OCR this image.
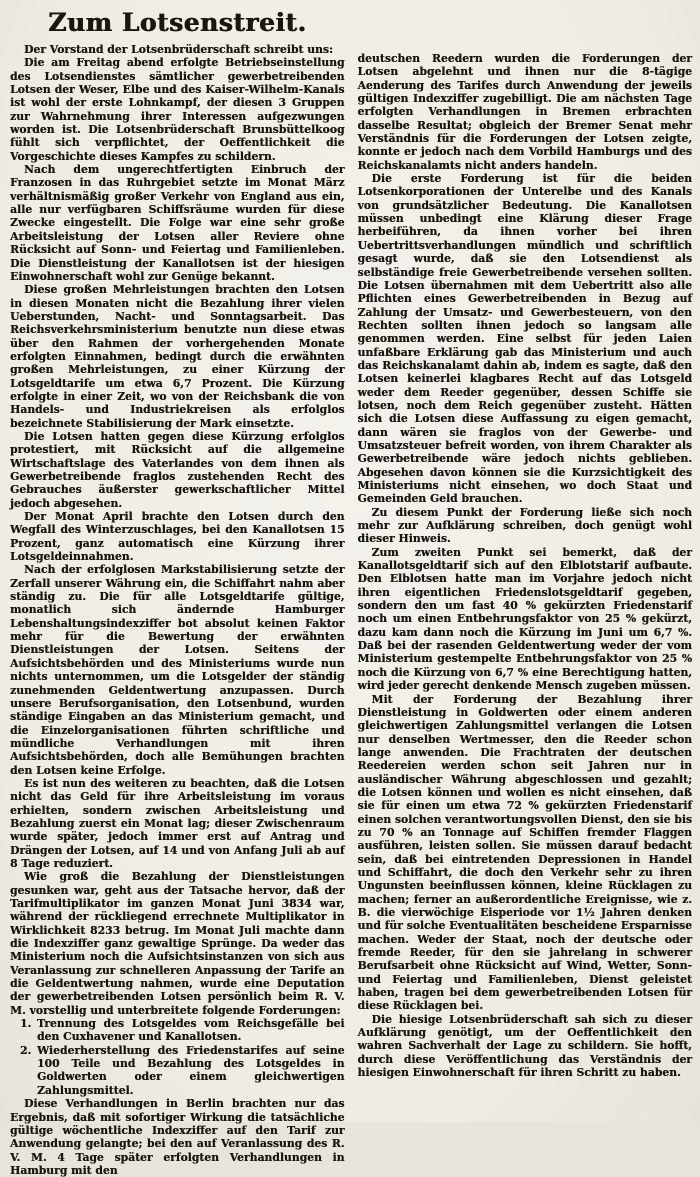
Zum Lotsenstreit.

Der Vorstand der Lotsenbrüderschaft schreibt uns:

Die am Freitag abend erfolgte Betriebseinstellung des Lotsendienstes sämtlicher gewerbetreibenden Lotsen der Weser, Elbe und des Kaiser-Wilhelm-Kanals ist wohl der erste Lohnkampf, der diesen 3 Gruppen zur Wahrnehmung ihrer Interessen aufgezwungen worden ist. Die Lotsenbrüderschaft Brunsbüttelkoog fühlt sich verpflichtet, der Oeffentlichkeit die Vorgeschichte dieses Kampfes zu schildern.

Nach dem ungerechtfertigten Einbruch der Franzosen in das Ruhrgebiet setzte im Monat März verhältnismäßig großer Verkehr von England aus ein, alle nur verfügbaren Schiffsräume wurden für diese Zwecke eingestellt. Die Folge war eine sehr große Arbeitsleistung der Lotsen aller Reviere ohne Rücksicht auf Sonn- und Feiertag und Familienleben. Die Dienstleistung der Kanallotsen ist der hiesigen Einwohnerschaft wohl zur Genüge bekannt.

Diese großen Mehrleistungen brachten den Lotsen in diesen Monaten nicht die Bezahlung ihrer vielen Ueberstunden, Nacht- und Sonntagsarbeit. Das Reichsverkehrsministerium benutzte nun diese etwas über den Rahmen der vorhergehenden Monate erfolgten Einnahmen, bedingt durch die erwähnten großen Mehrleistungen, zu einer Kürzung der Lotsgeldtarife um etwa 6,7 Prozent. Die Kürzung erfolgte in einer Zeit, wo von der Reichsbank die von Handels- und Industriekreisen als erfolglos bezeichnete Stabilisierung der Mark einsetzte.

Die Lotsen hatten gegen diese Kürzung erfolglos protestiert, mit Rücksicht auf die allgemeine Wirtschaftslage des Vaterlandes von dem ihnen als Gewerbetreibende fraglos zustehenden Recht des Gebrauches äußerster gewerkschaftlicher Mittel jedoch abgesehen.

Der Monat April brachte den Lotsen durch den Wegfall des Winterzuschlages, bei den Kanallotsen 15 Prozent, ganz automatisch eine Kürzung ihrer Lotsgeldeinnahmen.

Nach der erfolglosen Markstabilisierung setzte der Zerfall unserer Währung ein, die Schiffahrt nahm aber ständig zu. Die für alle Lotsgeldtarife gültige, monatlich sich ändernde Hamburger Lebenshaltungsindexziffer bot absolut keinen Faktor mehr für die Bewertung der erwähnten Dienstleistungen der Lotsen. Seitens der Aufsichtsbehörden und des Ministeriums wurde nun nichts unternommen, um die Lotsgelder der ständig zunehmenden Geldentwertung anzupassen. Durch unsere Berufsorganisation, den Lotsenbund, wurden ständige Eingaben an das Ministerium gemacht, und die Einzelorganisationen führten schriftliche und mündliche Verhandlungen mit ihren Aufsichtsbehörden, doch alle Bemühungen brachten den Lotsen keine Erfolge.

Es ist nun des weiteren zu beachten, daß die Lotsen nicht das Geld für ihre Arbeitsleistung im voraus erhielten, sondern zwischen Arbeitsleistung und Bezahlung zuerst ein Monat lag; dieser Zwischenraum wurde später, jedoch immer erst auf Antrag und Drängen der Lotsen, auf 14 und von Anfang Juli ab auf 8 Tage reduziert.

Wie groß die Bezahlung der Dienstleistungen gesunken war, geht aus der Tatsache hervor, daß der Tarifmultiplikator im ganzen Monat Juni 3834 war, während der rückliegend errechnete Multiplikator in Wirklichkeit 8233 betrug. Im Monat Juli machte dann die Indexziffer ganz gewaltige Sprünge. Da weder das Ministerium noch die Aufsichtsinstanzen von sich aus Veranlassung zur schnelleren Anpassung der Tarife an die Geldentwertung nahmen, wurde eine Deputation der gewerbetreibenden Lotsen persönlich beim R. V. M. vorstellig und unterbreitete folgende Forderungen:

1. Trennung des Lotsgeldes vom Reichsgefälle bei den Cuxhavener und Kanallotsen.
2. Wiederherstellung des Friedenstarifes auf seine 100 Teile und Bezahlung des Lotsgeldes in Goldwerten oder einem gleichwertigen Zahlungsmittel.

Diese Verhandlungen in Berlin brachten nur das Ergebnis, daß mit sofortiger Wirkung die tatsächliche gültige wöchentliche Indexziffer auf den Tarif zur Anwendung gelangte; bei den auf Veranlassung des R. V. M. 4 Tage später erfolgten Verhandlungen in Hamburg mit den

deutschen Reedern wurden die Forderungen der Lotsen abgelehnt und ihnen nur die 8-tägige Aenderung des Tarifes durch Anwendung der jeweils gültigen Indexziffer zugebilligt. Die am nächsten Tage erfolgten Verhandlungen in Bremen erbrachten dasselbe Resultat; obgleich der Bremer Senat mehr Verständnis für die Forderungen der Lotsen zeigte, konnte er jedoch nach dem Vorbild Hamburgs und des Reichskanalamts nicht anders handeln.

Die erste Forderung ist für die beiden Lotsenkorporationen der Unterelbe und des Kanals von grundsätzlicher Bedeutung. Die Kanallotsen müssen unbedingt eine Klärung dieser Frage herbeiführen, da ihnen vorher bei ihren Uebertrittsverhandlungen mündlich und schriftlich gesagt wurde, daß sie den Lotsendienst als selbständige freie Gewerbetreibende versehen sollten. Die Lotsen übernahmen mit dem Uebertritt also alle Pflichten eines Gewerbetreibenden in Bezug auf Zahlung der Umsatz- und Gewerbesteuern, von den Rechten sollten ihnen jedoch so langsam alle genommen werden. Eine selbst für jeden Laien unfaßbare Erklärung gab das Ministerium und auch das Reichskanalamt dahin ab, indem es sagte, daß den Lotsen keinerlei klagbares Recht auf das Lotsgeld weder dem Reeder gegenüber, dessen Schiffe sie lotsen, noch dem Reich gegenüber zusteht. Hätten sich die Lotsen diese Auffassung zu eigen gemacht, dann wären sie fraglos von der Gewerbe- und Umsatzsteuer befreit worden, von ihrem Charakter als Gewerbetreibende wäre jedoch nichts geblieben. Abgesehen davon können sie die Kurzsichtigkeit des Ministeriums nicht einsehen, wo doch Staat und Gemeinden Geld brauchen.

Zu diesem Punkt der Forderung ließe sich noch mehr zur Aufklärung schreiben, doch genügt wohl dieser Hinweis.

Zum zweiten Punkt sei bemerkt, daß der Kanallotsgeldtarif sich auf den Elblotstarif aufbaute. Den Elblotsen hatte man im Vorjahre jedoch nicht ihren eigentlichen Friedenslotsgeldtarif gegeben, sondern den um fast 40 % gekürzten Friedenstarif noch um einen Entbehrungsfaktor von 25 % gekürzt, dazu kam dann noch die Kürzung im Juni um 6,7 %. Daß bei der rasenden Geldentwertung weder der vom Ministerium gestempelte Entbehrungsfaktor von 25 % noch die Kürzung von 6,7 % eine Berechtigung hatten, wird jeder gerecht denkende Mensch zugeben müssen.

Mit der Forderung der Bezahlung ihrer Dienstleistung in Goldwerten oder einem anderen gleichwertigen Zahlungsmittel verlangen die Lotsen nur denselben Wertmesser, den die Reeder schon lange anwenden. Die Frachtraten der deutschen Reedereien werden schon seit Jahren nur in ausländischer Währung abgeschlossen und gezahlt; die Lotsen können und wollen es nicht einsehen, daß sie für einen um etwa 72 % gekürzten Friedenstarif einen solchen verantwortungsvollen Dienst, den sie bis zu 70 % an Tonnage auf Schiffen fremder Flaggen ausführen, leisten sollen. Sie müssen darauf bedacht sein, daß bei eintretenden Depressionen in Handel und Schiffahrt, die doch den Verkehr sehr zu ihren Ungunsten beeinflussen können, kleine Rücklagen zu machen; ferner an außerordentliche Ereignisse, wie z. B. die vierwöchige Eisperiode vor 1½ Jahren denken und für solche Eventualitäten bescheidene Ersparnisse machen. Weder der Staat, noch der deutsche oder fremde Reeder, für den sie jahrelang in schwerer Berufsarbeit ohne Rücksicht auf Wind, Wetter, Sonn- und Feiertag und Familienleben, Dienst geleistet haben, tragen bei dem gewerbetreibenden Lotsen für diese Rücklagen bei.

Die hiesige Lotsenbrüderschaft sah sich zu dieser Aufklärung genötigt, um der Oeffentlichkeit den wahren Sachverhalt der Lage zu schildern. Sie hofft, durch diese Veröffentlichung das Verständnis der hiesigen Einwohnerschaft für ihren Schritt zu haben.
